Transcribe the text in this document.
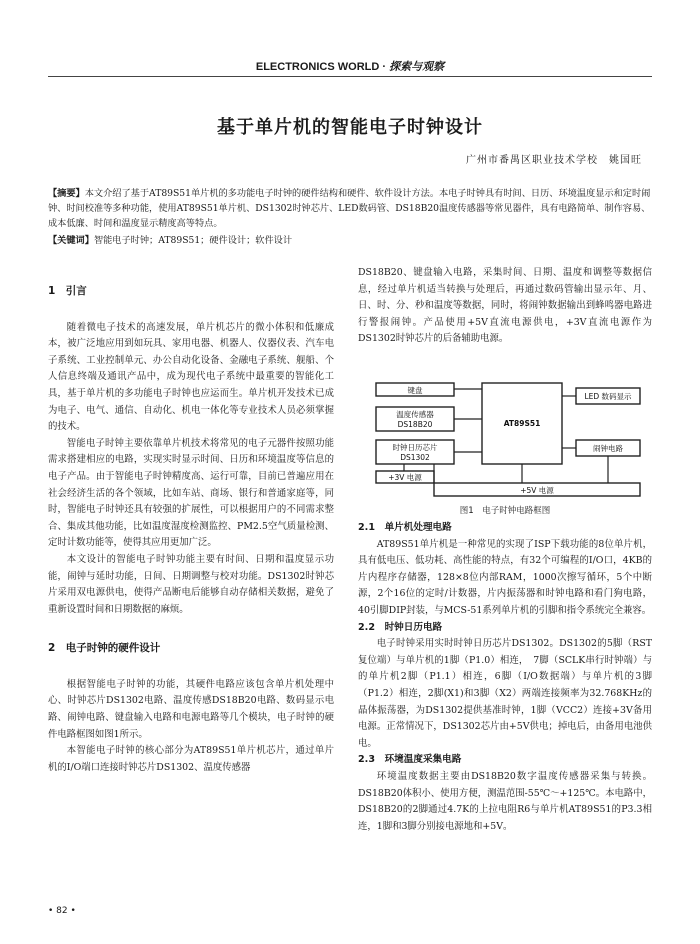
ELECTRONICS WORLD · 探索与观察
基于单片机的智能电子时钟设计
广州市番禺区职业技术学校　姚国旺
【摘要】本文介绍了基于AT89S51单片机的多功能电子时钟的硬件结构和硬件、软件设计方法。本电子时钟具有时间、日历、环境温度显示和定时闹钟、时间校准等多种功能，使用AT89S51单片机、DS1302时钟芯片、LED数码管、DS18B20温度传感器等常见器件，具有电路简单、制作容易、成本低廉、时间和温度显示精度高等特点。
【关键词】智能电子时钟；AT89S51；硬件设计；软件设计
1　引言

随着微电子技术的高速发展，单片机芯片的微小体积和低廉成本，被广泛地应用到如玩具、家用电器、机器人、仪器仪表、汽车电子系统、工业控制单元、办公自动化设备、金融电子系统、舰船、个人信息终端及通讯产品中，成为现代电子系统中最重要的智能化工具，基于单片机的多功能电子时钟也应运而生。单片机开发技术已成为电子、电气、通信、自动化、机电一体化等专业技术人员必须掌握的技术。

智能电子时钟主要依靠单片机技术将常见的电子元器件按照功能需求搭建相应的电路，实现实时显示时间、日历和环境温度等信息的电子产品。由于智能电子时钟精度高、运行可靠，目前已普遍应用在社会经济生活的各个领域，比如车站、商场、银行和普通家庭等，同时，智能电子时钟还具有较强的扩展性，可以根据用户的不同需求整合、集成其他功能，比如温度湿度检测监控、PM2.5空气质量检测、定时计数功能等，使得其应用更加广泛。

本文设计的智能电子时钟功能主要有时间、日期和温度显示功能，闹钟与延时功能，日间、日期调整与校对功能。DS1302时钟芯片采用双电源供电，使得产品断电后能够自动存储相关数据，避免了重新设置时间和日期数据的麻烦。

2　电子时钟的硬件设计

根据智能电子时钟的功能，其硬件电路应该包含单片机处理中心、时钟芯片DS1302电路、温度传感DS18B20电路、数码显示电路、闹钟电路、键盘输入电路和电源电路等几个模块，电子时钟的硬件电路框图如图1所示。

本智能电子时钟的核心部分为AT89S51单片机芯片，通过单片机的I/O端口连接时钟芯片DS1302、温度传感器

DS18B20、键盘输入电路，采集时间、日期、温度和调整等数据信息，经过单片机适当转换与处理后，再通过数码管输出显示年、月、日、时、分、秒和温度等数据，同时，将闹钟数据输出到蜂鸣器电路进行警报闹钟。产品使用+5V直流电源供电，+3V直流电源作为DS1302时钟芯片的后备辅助电源。

键盘
温度传感器
DS18B20
时钟日历芯片
DS1302
AT89S51
LED 数码显示
闹钟电路
+3V 电源
+5V 电源
图1　电子时钟电路框图
2.1　单片机处理电路

AT89S51单片机是一种常见的实现了ISP下载功能的8位单片机，具有低电压、低功耗、高性能的特点，有32个可编程的I/O口，4KB的片内程序存储器，128×8位内部RAM，1000次擦写循环，5个中断源，2个16位的定时/计数器，片内振荡器和时钟电路和看门狗电路，40引脚DIP封装，与MCS-51系列单片机的引脚和指令系统完全兼容。

2.2　时钟日历电路

电子时钟采用实时时钟日历芯片DS1302。DS1302的5脚（RST复位端）与单片机的1脚（P1.0）相连，　7脚（SCLK串行时钟端）与的单片机2脚（P1.1）相连，6脚（I/O数据端）与单片机的3脚（P1.2）相连，2脚(X1)和3脚（X2）两端连接频率为32.768KHz的晶体振荡器，为DS1302提供基准时钟，1脚（VCC2）连接+3V备用电源。正常情况下，DS1302芯片由+5V供电；掉电后，由备用电池供电。

2.3　环境温度采集电路

环境温度数据主要由DS18B20数字温度传感器采集与转换。DS18B20体积小、使用方便，测温范围-55℃～+125℃。本电路中，DS18B20的2脚通过4.7K的上拉电阻R6与单片机AT89S51的P3.3相连，1脚和3脚分别接电源地和+5V。

• 82 •
